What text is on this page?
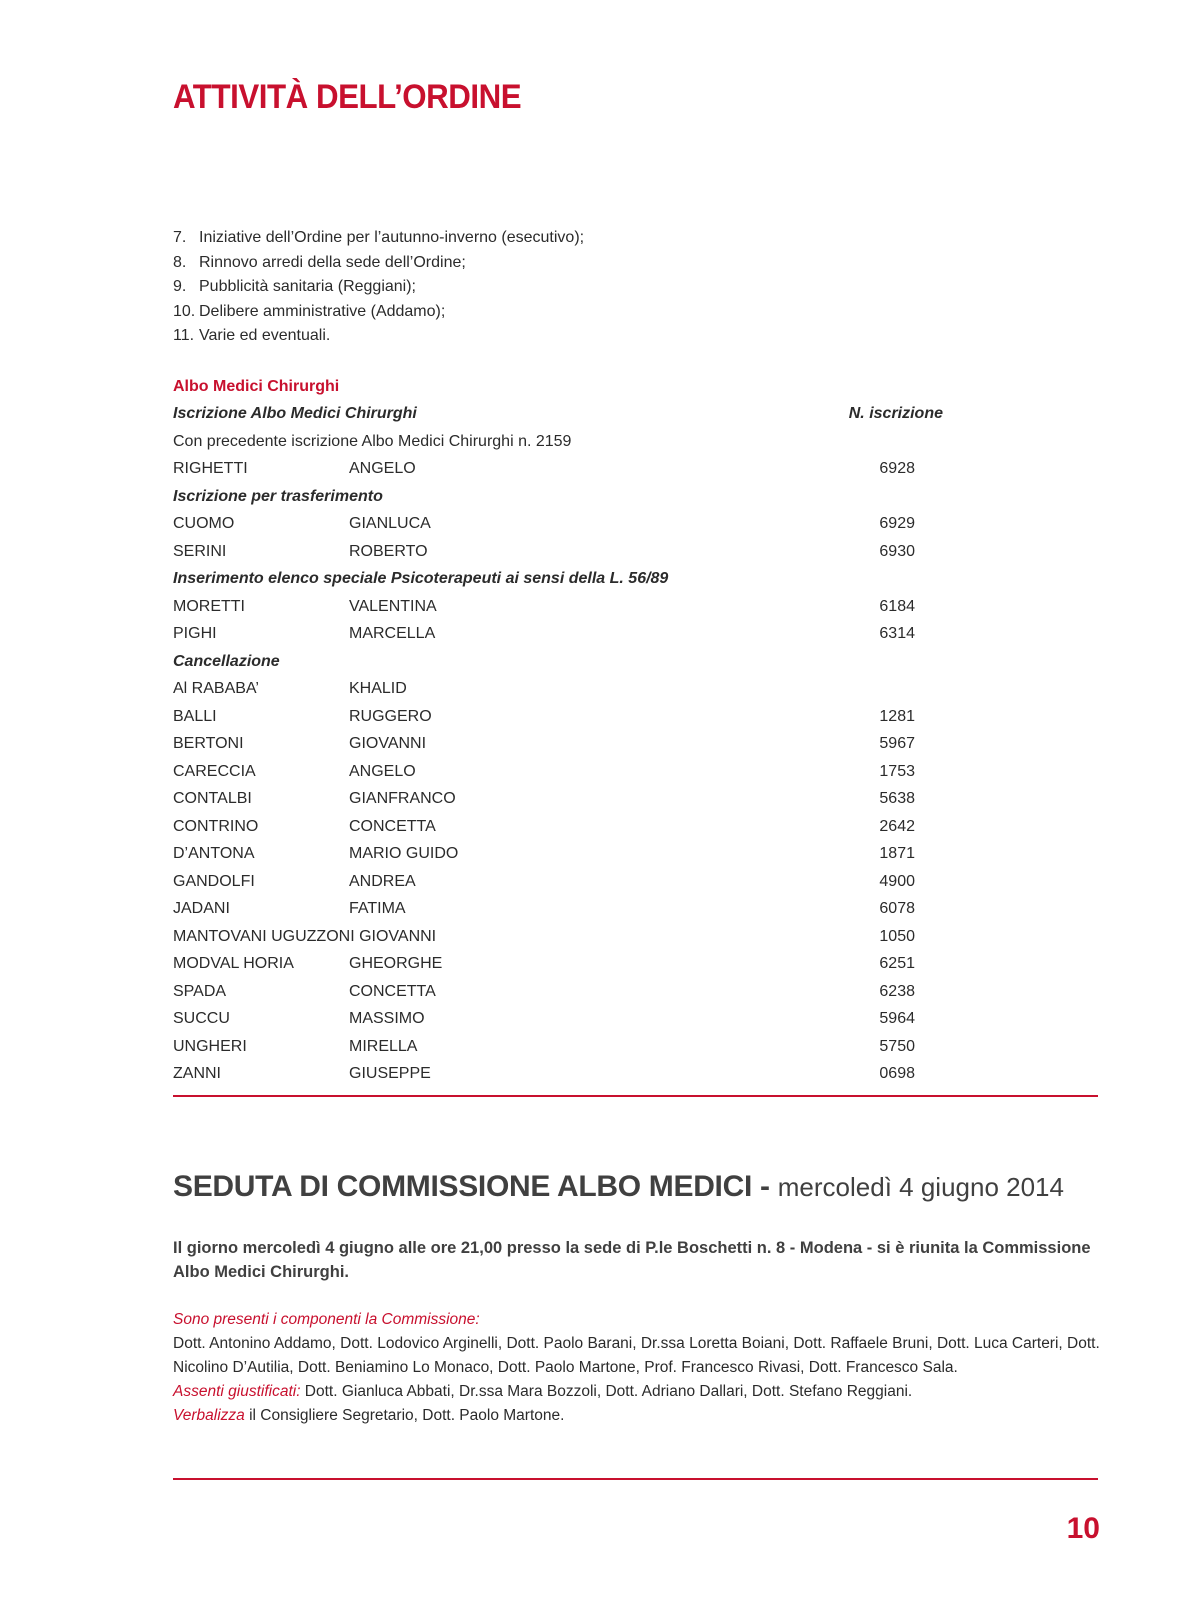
ATTIVITÀ DELL’ORDINE
7. Iniziative dell’Ordine per l’autunno-inverno (esecutivo);
8. Rinnovo arredi della sede dell’Ordine;
9. Pubblicità sanitaria (Reggiani);
10. Delibere amministrative (Addamo);
11. Varie ed eventuali.
Albo Medici Chirurghi
Iscrizione Albo Medici Chirurghi	N. iscrizione
Con precedente iscrizione Albo Medici Chirurghi n. 2159
RIGHETTI	ANGELO	6928
Iscrizione per trasferimento
CUOMO	GIANLUCA	6929
SERINI	ROBERTO	6930
Inserimento elenco speciale Psicoterapeuti ai sensi della L. 56/89
MORETTI	VALENTINA	6184
PIGHI	MARCELLA	6314
Cancellazione
Al RABABA’	KHALID
BALLI	RUGGERO	1281
BERTONI	GIOVANNI	5967
CARECCIA	ANGELO	1753
CONTALBI	GIANFRANCO	5638
CONTRINO	CONCETTA	2642
D’ANTONA	MARIO GUIDO	1871
GANDOLFI	ANDREA	4900
JADANI	FATIMA	6078
MANTOVANI UGUZZONI GIOVANNI	1050
MODVAL HORIA	GHEORGHE	6251
SPADA	CONCETTA	6238
SUCCU	MASSIMO	5964
UNGHERI	MIRELLA	5750
ZANNI	GIUSEPPE	0698
SEDUTA DI COMMISSIONE ALBO MEDICI - mercoledì 4 giugno 2014

Il giorno mercoledì 4 giugno alle ore 21,00 presso la sede di P.le Boschetti n. 8 - Modena - si è riunita la Commissione Albo Medici Chirurghi.

Sono presenti i componenti la Commissione:

Dott. Antonino Addamo, Dott. Lodovico Arginelli, Dott. Paolo Barani, Dr.ssa Loretta Boiani, Dott. Raffaele Bruni, Dott. Luca Carteri, Dott. Nicolino D’Autilia, Dott. Beniamino Lo Monaco, Dott. Paolo Martone, Prof. Francesco Rivasi, Dott. Francesco Sala.

Assenti giustificati: Dott. Gianluca Abbati, Dr.ssa Mara Bozzoli, Dott. Adriano Dallari, Dott. Stefano Reggiani.

Verbalizza il Consigliere Segretario, Dott. Paolo Martone.

10
